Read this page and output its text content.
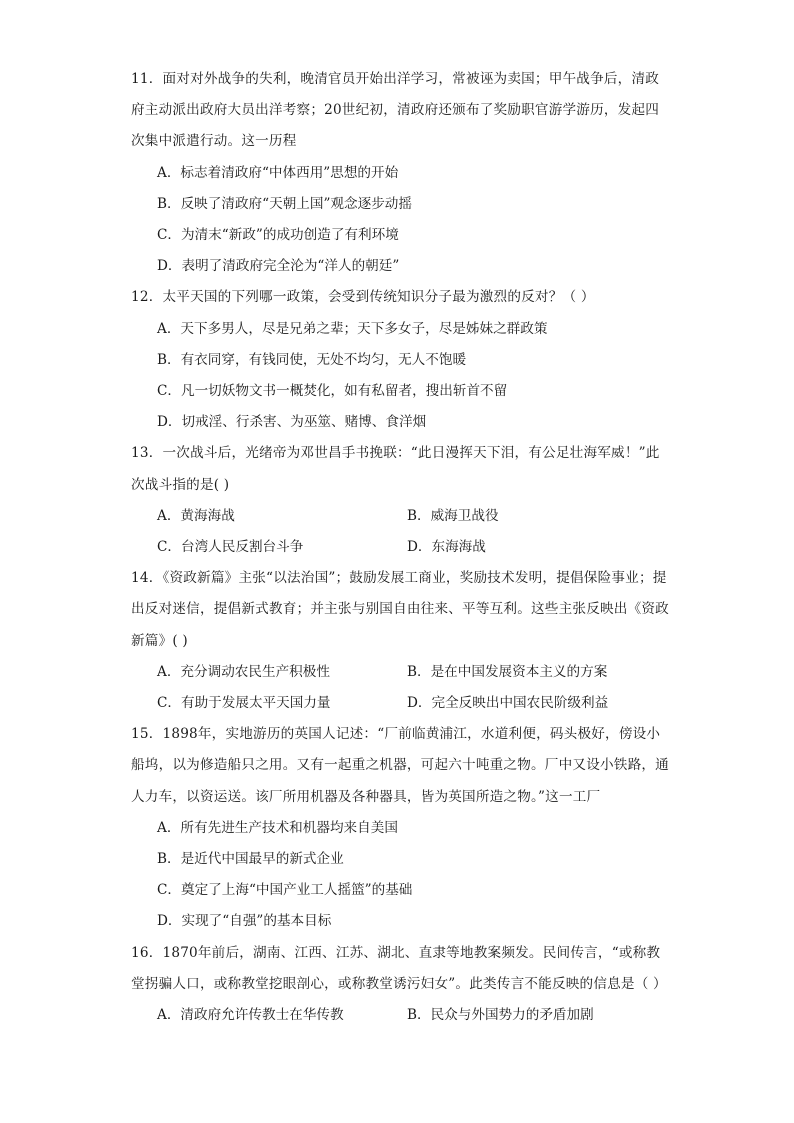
11．面对对外战争的失利，晚清官员开始出洋学习，常被诬为卖国；甲午战争后，清政府主动派出政府大员出洋考察；20世纪初，清政府还颁布了奖励职官游学游历，发起四次集中派遣行动。这一历程

A．标志着清政府“中体西用”思想的开始

B．反映了清政府“天朝上国”观念逐步动摇

C．为清末“新政”的成功创造了有利环境

D．表明了清政府完全沦为“洋人的朝廷”

12．太平天国的下列哪一政策，会受到传统知识分子最为激烈的反对？（ ）

A．天下多男人，尽是兄弟之辈；天下多女子，尽是姊妹之群政策

B．有衣同穿，有钱同使，无处不均匀，无人不饱暖

C．凡一切妖物文书一概焚化，如有私留者，搜出斩首不留

D．切戒淫、行杀害、为巫筮、赌博、食洋烟

13．一次战斗后，光绪帝为邓世昌手书挽联：“此日漫挥天下泪，有公足壮海军威！”此次战斗指的是( )

A．黄海海战	B．威海卫战役
C．台湾人民反割台斗争	D．东海海战

14．《资政新篇》主张“以法治国”；鼓励发展工商业，奖励技术发明，提倡保险事业；提出反对迷信，提倡新式教育；并主张与别国自由往来、平等互利。这些主张反映出《资政新篇》( )

A．充分调动农民生产积极性	B．是在中国发展资本主义的方案
C．有助于发展太平天国力量	D．完全反映出中国农民阶级利益

15．1898年，实地游历的英国人记述：“厂前临黄浦江，水道利便，码头极好，傍设小船坞，以为修造船只之用。又有一起重之机器，可起六十吨重之物。厂中又设小铁路，通人力车，以资运送。该厂所用机器及各种器具，皆为英国所造之物。”这一工厂

A．所有先进生产技术和机器均来自美国

B．是近代中国最早的新式企业

C．奠定了上海“中国产业工人摇篮”的基础

D．实现了“自强”的基本目标

16．1870年前后，湖南、江西、江苏、湖北、直隶等地教案频发。民间传言，“或称教堂拐骗人口，或称教堂挖眼剖心，或称教堂诱污妇女”。此类传言不能反映的信息是（ ）

A．清政府允许传教士在华传教	B．民众与外国势力的矛盾加剧
